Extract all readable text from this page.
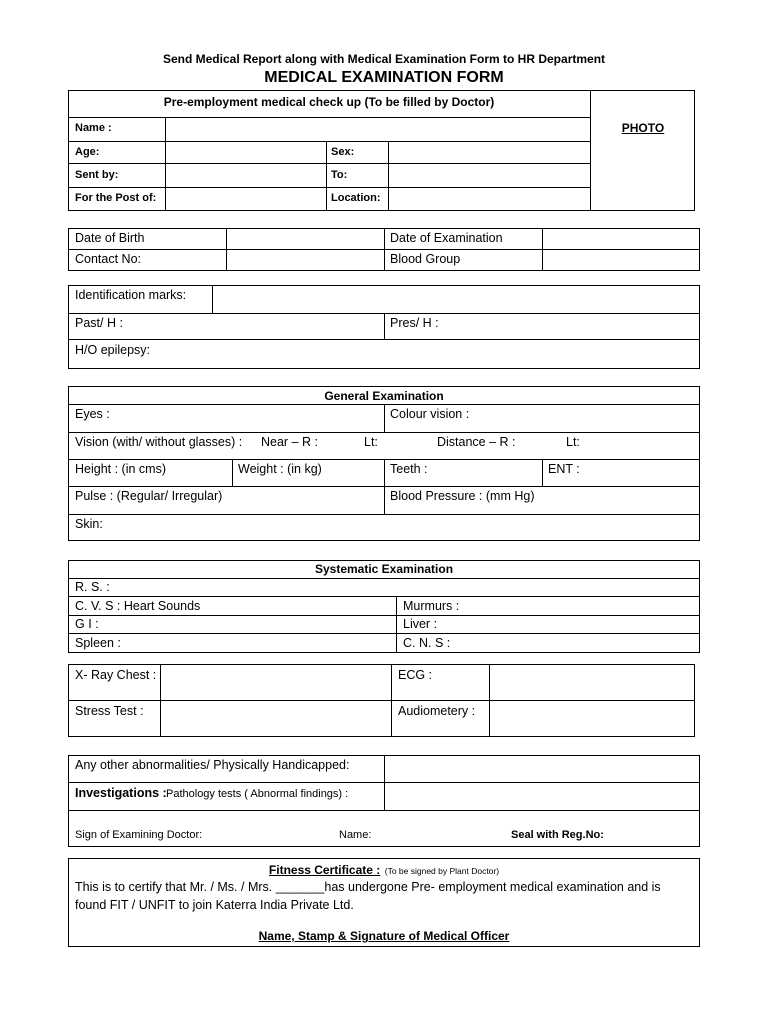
Send Medical Report along with Medical Examination Form to HR Department
MEDICAL EXAMINATION FORM
Pre-employment medical check up (To be filled by Doctor)
PHOTO
Name :
Age:	Sex:
Sent by:	To:
For the Post of:	Location:
Date of Birth	Date of Examination
Contact No:	Blood Group
Identification marks:
Past/ H :	Pres/ H :
H/O epilepsy:
General Examination
Eyes :	Colour vision :
Vision (with/ without glasses) : Near – R :	Lt:	Distance – R :	Lt:
Height : (in cms)	Weight : (in kg)	Teeth :	ENT :
Pulse : (Regular/ Irregular)	Blood Pressure : (mm Hg)
Skin:
Systematic Examination
R. S. :
C. V. S : Heart Sounds	Murmurs :
G I :	Liver :
Spleen :	C. N. S :
X- Ray Chest :	ECG :
Stress Test :	Audiometery :
Any other abnormalities/ Physically Handicapped:
Investigations : Pathology tests ( Abnormal findings) :
Sign of Examining Doctor:	Name:	Seal with Reg.No:
Fitness Certificate : (To be signed by Plant Doctor)
This is to certify that Mr. / Ms. / Mrs. _______has undergone Pre- employment medical examination and is
found FIT / UNFIT to join Katerra India Private Ltd.
Name, Stamp & Signature of Medical Officer
